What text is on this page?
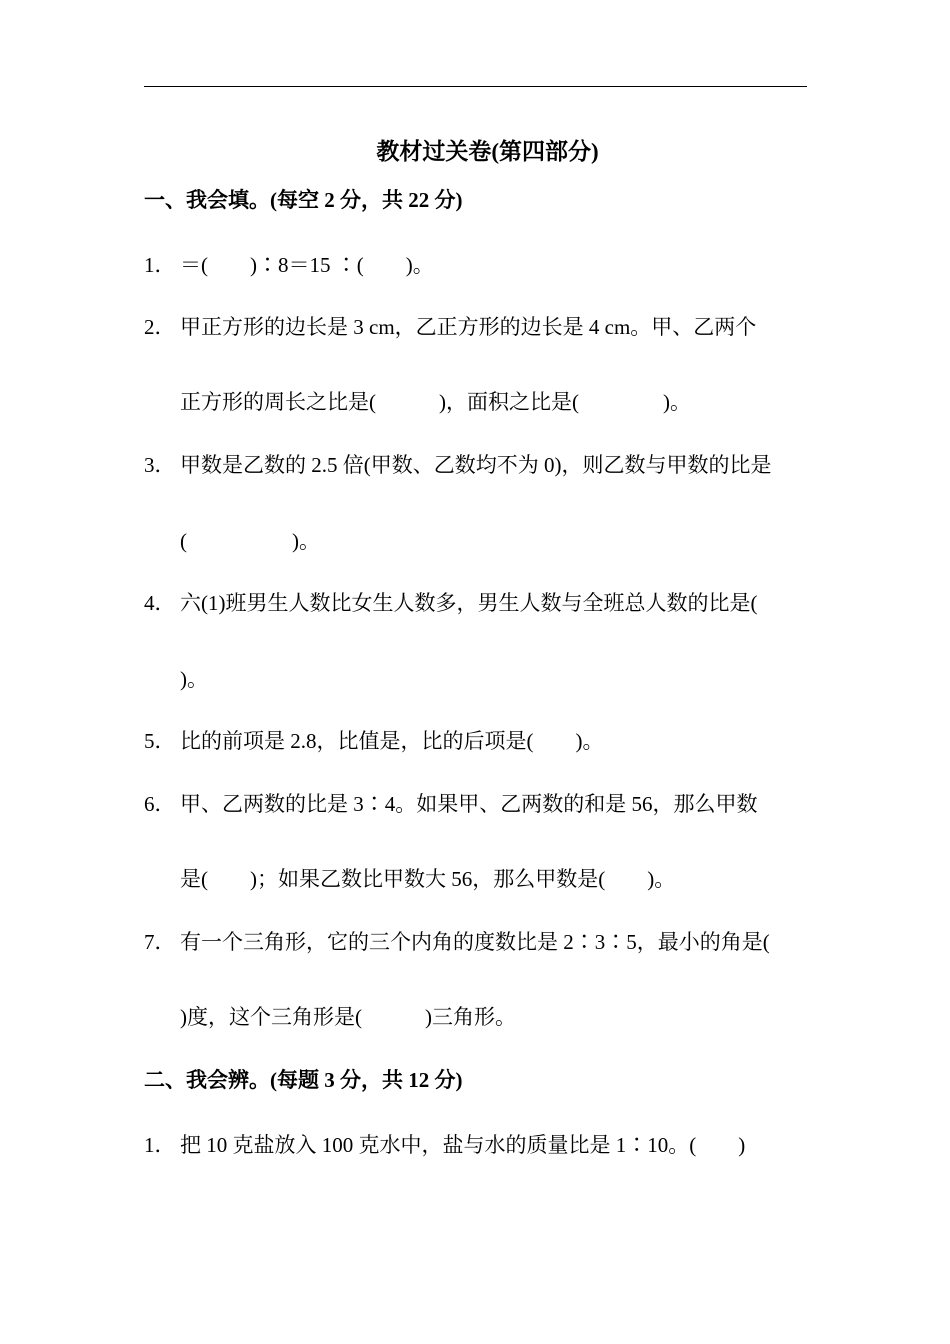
教材过关卷(第四部分)
一、我会填。(每空 2 分，共 22 分)
1． ＝(　　)∶8＝15 ∶(　　)。
2． 甲正方形的边长是 3 cm，乙正方形的边长是 4 cm。甲、乙两个
正方形的周长之比是(　　　)，面积之比是(　　　　)。
3． 甲数是乙数的 2.5 倍(甲数、乙数均不为 0)，则乙数与甲数的比是
(　　　　　)。
4． 六(1)班男生人数比女生人数多，男生人数与全班总人数的比是(
)。
5． 比的前项是 2.8，比值是，比的后项是(　　)。
6． 甲、乙两数的比是 3∶4。如果甲、乙两数的和是 56，那么甲数
是(　　)；如果乙数比甲数大 56，那么甲数是(　　)。
7． 有一个三角形，它的三个内角的度数比是 2∶3∶5，最小的角是(
)度，这个三角形是(　　　)三角形。
二、我会辨。(每题 3 分，共 12 分)
1． 把 10 克盐放入 100 克水中，盐与水的质量比是 1∶10。(　　)
